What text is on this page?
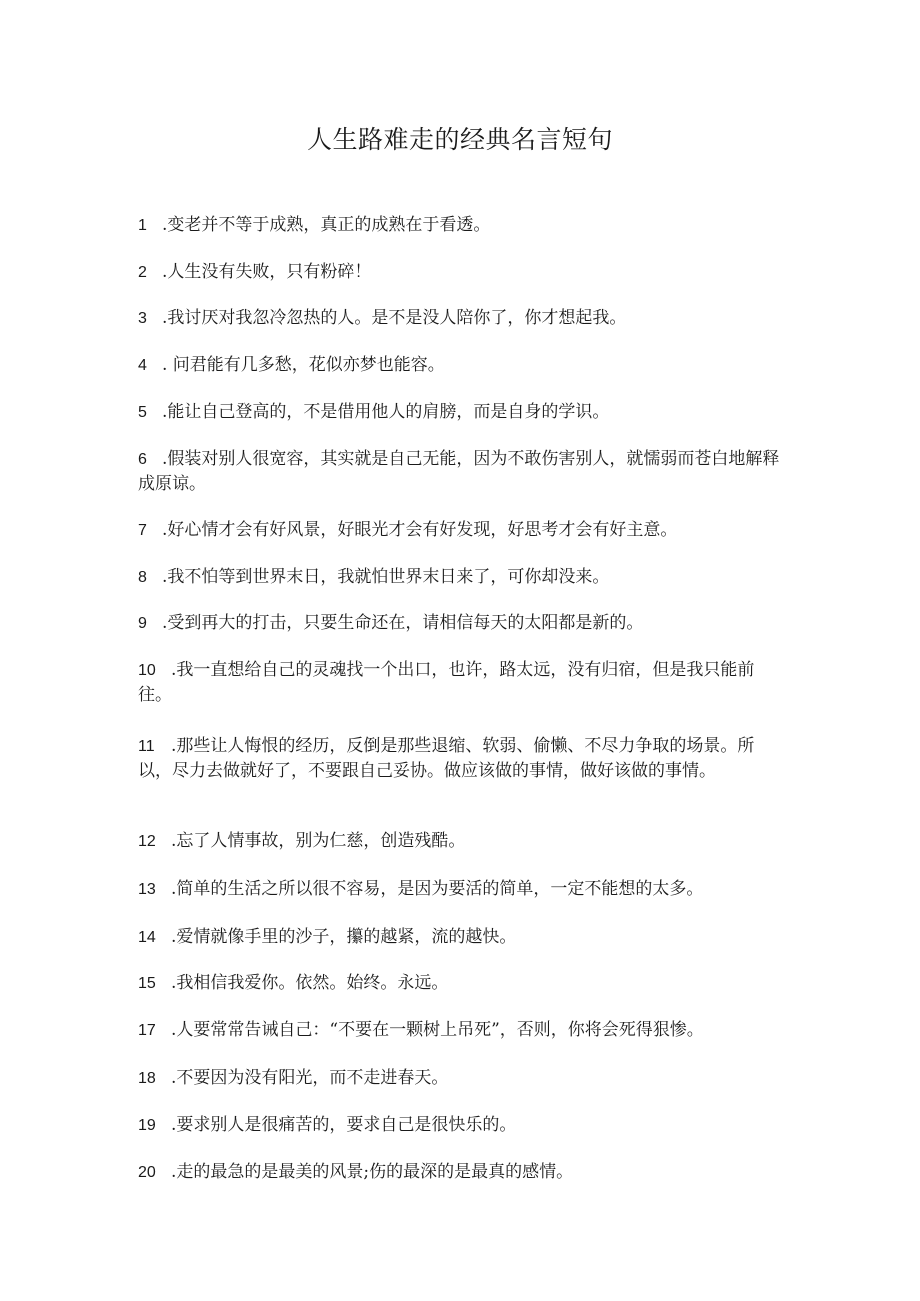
人生路难走的经典名言短句
1 .变老并不等于成熟，真正的成熟在于看透。
2 .人生没有失败，只有粉碎！
3 .我讨厌对我忽冷忽热的人。是不是没人陪你了，你才想起我。
4 . 问君能有几多愁，花似亦梦也能容。
5 .能让自己登高的，不是借用他人的肩膀，而是自身的学识。
6 .假装对别人很宽容，其实就是自己无能，因为不敢伤害别人，就懦弱而苍白地解释成原谅。
7 .好心情才会有好风景，好眼光才会有好发现，好思考才会有好主意。
8 .我不怕等到世界末日，我就怕世界末日来了，可你却没来。
9 .受到再大的打击，只要生命还在，请相信每天的太阳都是新的。
10 .我一直想给自己的灵魂找一个出口，也许，路太远，没有归宿，但是我只能前往。
11 .那些让人悔恨的经历，反倒是那些退缩、软弱、偷懒、不尽力争取的场景。所以，尽力去做就好了，不要跟自己妥协。做应该做的事情，做好该做的事情。
12 .忘了人情事故，别为仁慈，创造残酷。
13 .简单的生活之所以很不容易，是因为要活的简单，一定不能想的太多。
14 .爱情就像手里的沙子，攥的越紧，流的越快。
15 .我相信我爱你。依然。始终。永远。
17 .人要常常告诫自己：“不要在一颗树上吊死”，否则，你将会死得狠惨。
18 .不要因为没有阳光，而不走进春天。
19 .要求别人是很痛苦的，要求自己是很快乐的。
20 .走的最急的是最美的风景;伤的最深的是最真的感情。
